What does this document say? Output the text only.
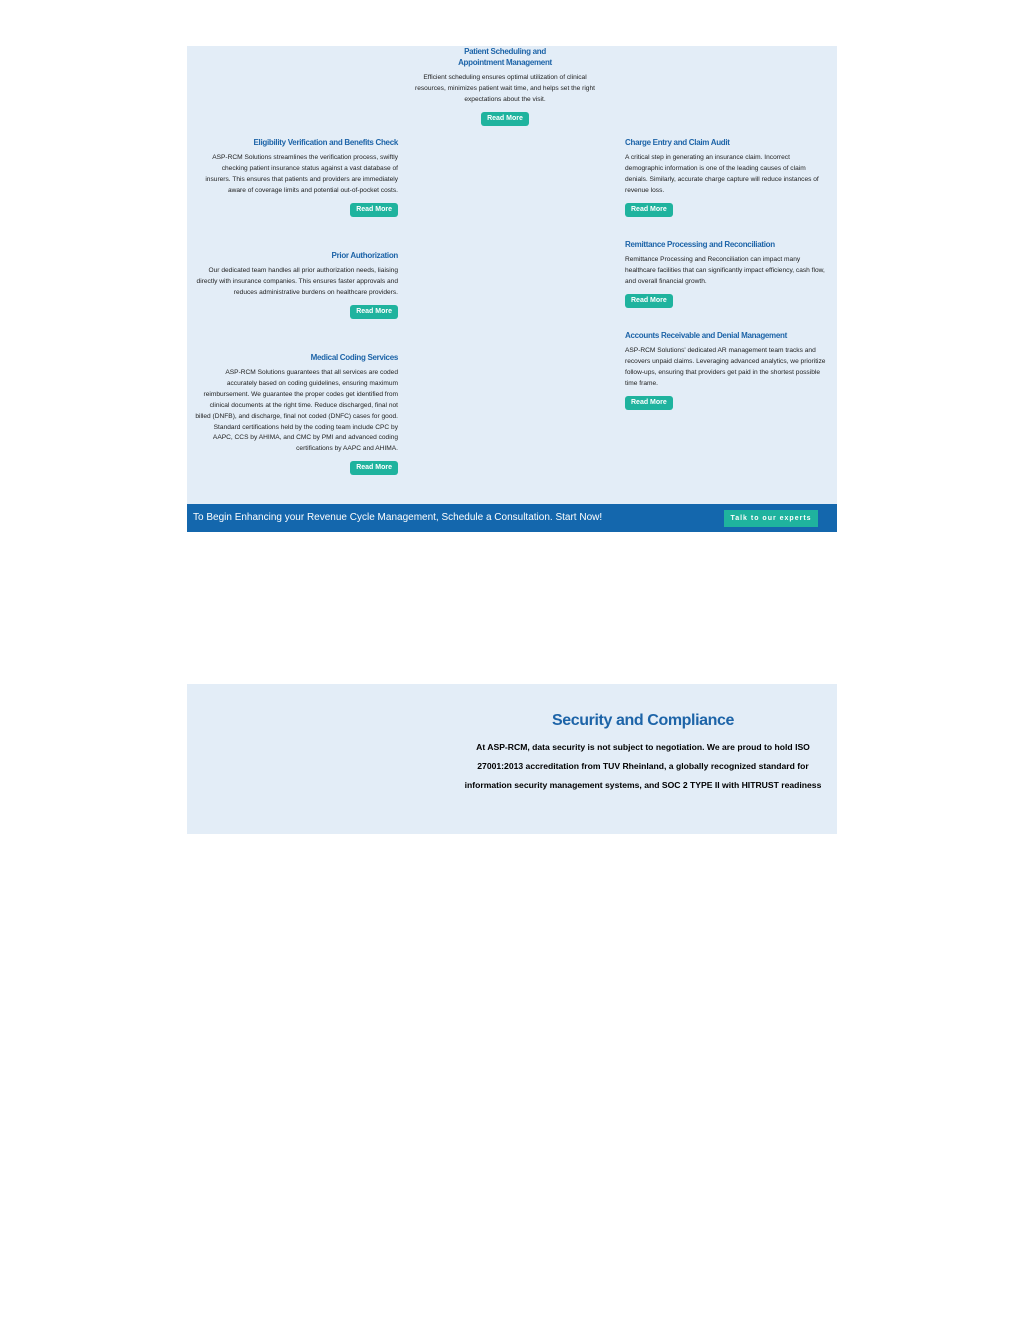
Patient Scheduling and Appointment Management

Efficient scheduling ensures optimal utilization of clinical resources, minimizes patient wait time, and helps set the right expectations about the visit.

Read More
Eligibility Verification and Benefits Check

ASP-RCM Solutions streamlines the verification process, swiftly checking patient insurance status against a vast database of insurers. This ensures that patients and providers are immediately aware of coverage limits and potential out-of-pocket costs.

Read More
Prior Authorization

Our dedicated team handles all prior authorization needs, liaising directly with insurance companies. This ensures faster approvals and reduces administrative burdens on healthcare providers.

Read More
Medical Coding Services

ASP-RCM Solutions guarantees that all services are coded accurately based on coding guidelines, ensuring maximum reimbursement. We guarantee the proper codes get identified from clinical documents at the right time. Reduce discharged, final not billed (DNFB), and discharge, final not coded (DNFC) cases for good. Standard certifications held by the coding team include CPC by AAPC, CCS by AHIMA, and CMC by PMI and advanced coding certifications by AAPC and AHIMA.

Read More
Charge Entry and Claim Audit

A critical step in generating an insurance claim. Incorrect demographic information is one of the leading causes of claim denials. Similarly, accurate charge capture will reduce instances of revenue loss.

Read More
Remittance Processing and Reconciliation

Remittance Processing and Reconciliation can impact many healthcare facilities that can significantly impact efficiency, cash flow, and overall financial growth.

Read More
Accounts Receivable and Denial Management

ASP-RCM Solutions' dedicated AR management team tracks and recovers unpaid claims. Leveraging advanced analytics, we prioritize follow-ups, ensuring that providers get paid in the shortest possible time frame.

Read More
To Begin Enhancing your Revenue Cycle Management, Schedule a Consultation. Start Now!	Talk to our experts
Security and Compliance

At ASP-RCM, data security is not subject to negotiation. We are proud to hold ISO 27001:2013 accreditation from TUV Rheinland, a globally recognized standard for information security management systems, and SOC 2 TYPE II with HITRUST readiness
